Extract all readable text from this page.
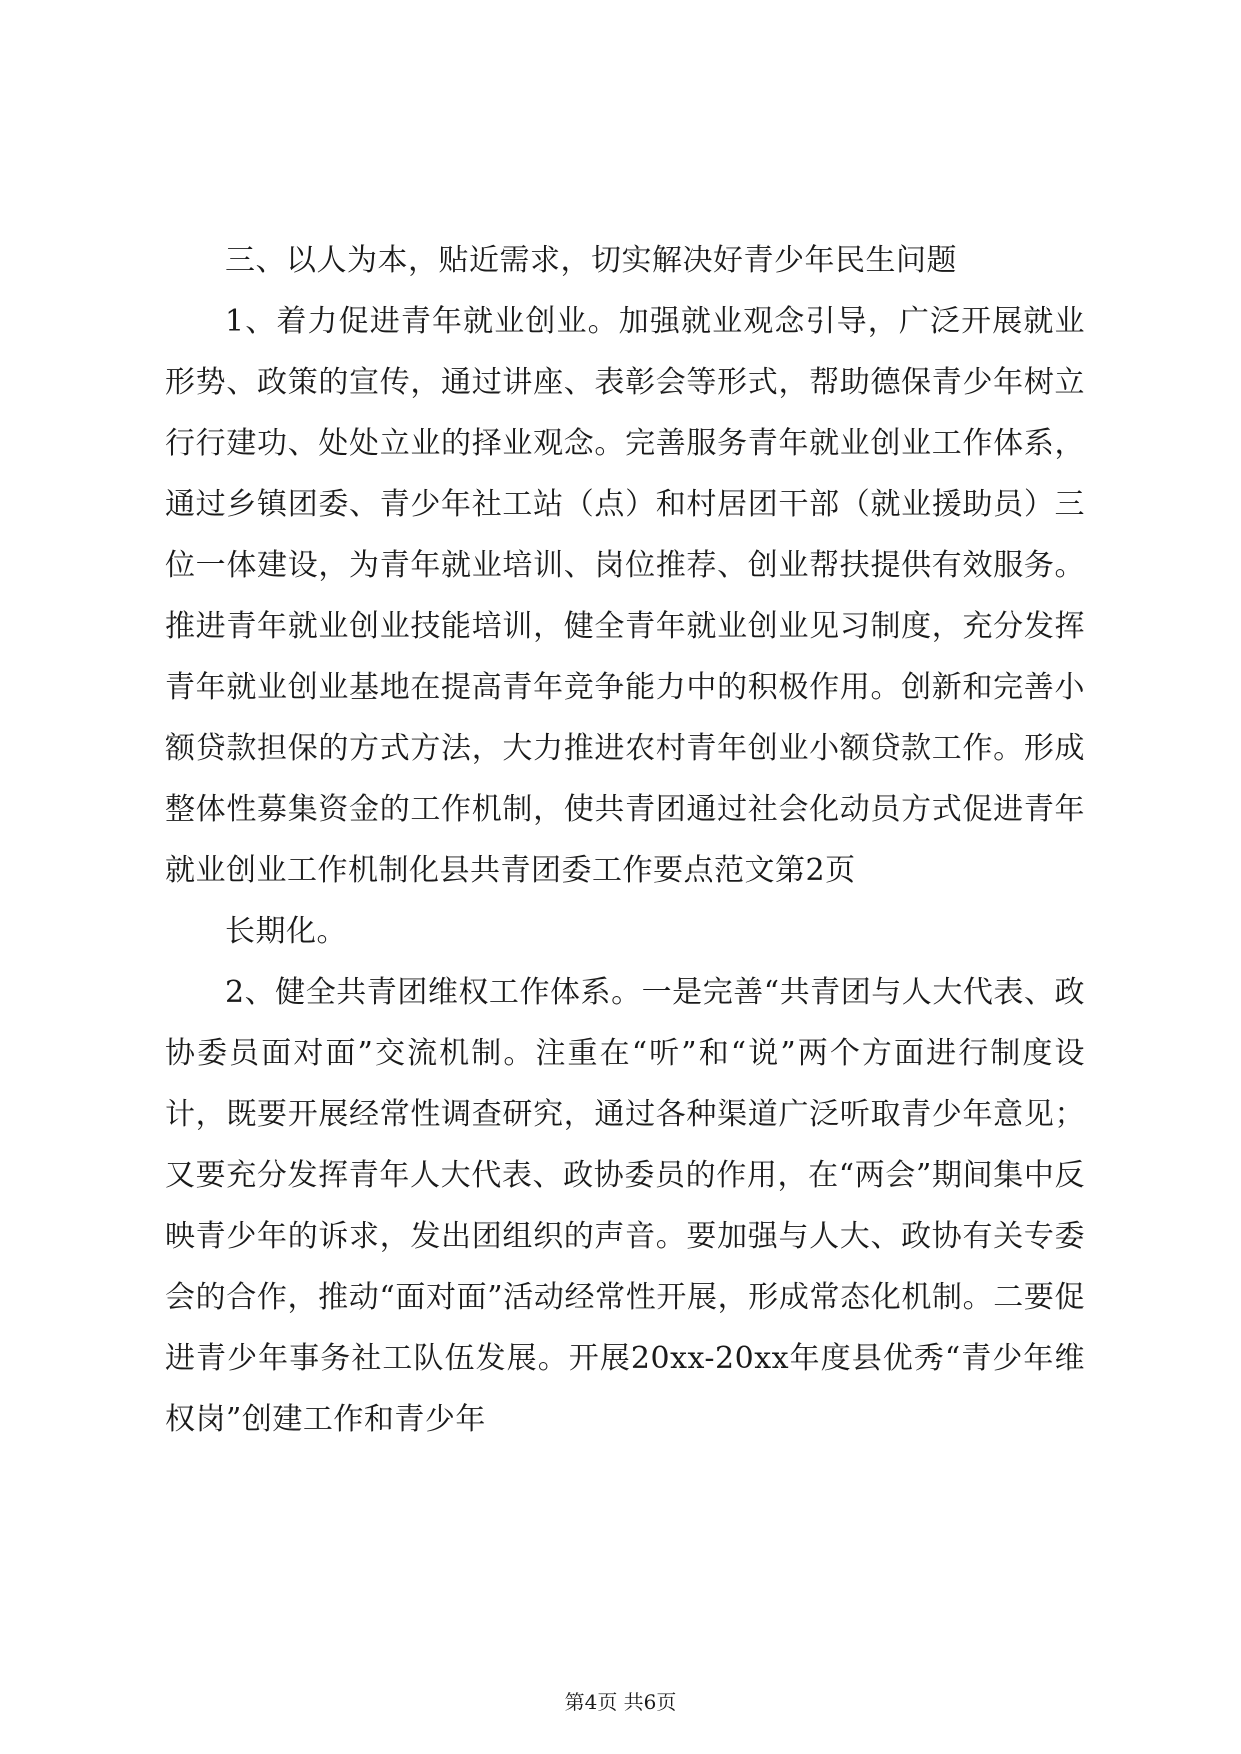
三、以人为本，贴近需求，切实解决好青少年民生问题

1、着力促进青年就业创业。加强就业观念引导，广泛开展就业形势、政策的宣传，通过讲座、表彰会等形式，帮助德保青少年树立行行建功、处处立业的择业观念。完善服务青年就业创业工作体系，通过乡镇团委、青少年社工站（点）和村居团干部（就业援助员）三位一体建设，为青年就业培训、岗位推荐、创业帮扶提供有效服务。推进青年就业创业技能培训，健全青年就业创业见习制度，充分发挥青年就业创业基地在提高青年竞争能力中的积极作用。创新和完善小额贷款担保的方式方法，大力推进农村青年创业小额贷款工作。形成整体性募集资金的工作机制，使共青团通过社会化动员方式促进青年就业创业工作机制化县共青团委工作要点范文第2页

长期化。

2、健全共青团维权工作体系。一是完善“共青团与人大代表、政协委员面对面”交流机制。注重在“听”和“说”两个方面进行制度设计，既要开展经常性调查研究，通过各种渠道广泛听取青少年意见；又要充分发挥青年人大代表、政协委员的作用，在“两会”期间集中反映青少年的诉求，发出团组织的声音。要加强与人大、政协有关专委会的合作，推动“面对面”活动经常性开展，形成常态化机制。二要促进青少年事务社工队伍发展。开展20xx-20xx年度县优秀“青少年维权岗”创建工作和青少年

第4页 共6页
